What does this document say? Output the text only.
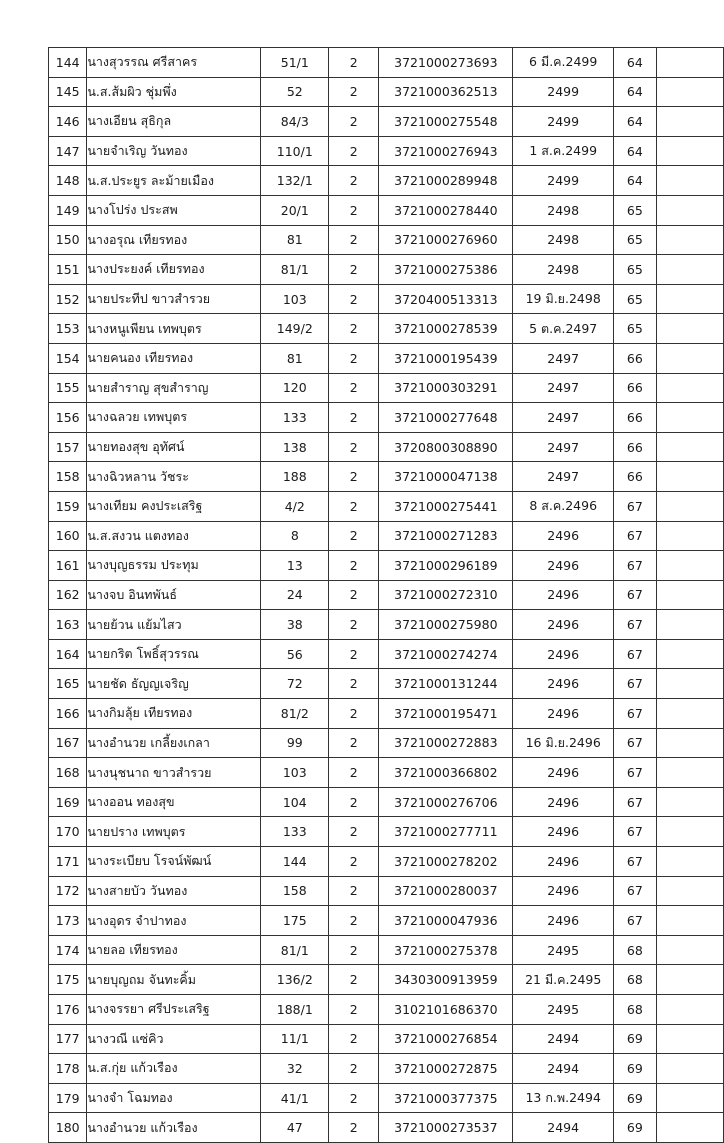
144	นางสุวรรณ ศรีสาคร	51/1	2	3721000273693	6 มี.ค.2499	64	
145	น.ส.ส้มผิว ชุ่มพึ่ง	52	2	3721000362513	2499	64	
146	นางเอียน สุธิกุล	84/3	2	3721000275548	2499	64	
147	นายจำเริญ วันทอง	110/1	2	3721000276943	1 ส.ค.2499	64	
148	น.ส.ประยูร ละม้ายเมือง	132/1	2	3721000289948	2499	64	
149	นางโปร่ง ประสพ	20/1	2	3721000278440	2498	65	
150	นางอรุณ เทียรทอง	81	2	3721000276960	2498	65	
151	นางประยงค์ เทียรทอง	81/1	2	3721000275386	2498	65	
152	นายประทีป ขาวสำรวย	103	2	3720400513313	19 มิ.ย.2498	65	
153	นางหนูเพียน เทพบุตร	149/2	2	3721000278539	5 ต.ค.2497	65	
154	นายคนอง เทียรทอง	81	2	3721000195439	2497	66	
155	นายสำราญ สุขสำราญ	120	2	3721000303291	2497	66	
156	นางฉลวย เทพบุตร	133	2	3721000277648	2497	66	
157	นายทองสุข อุทัศน์	138	2	3720800308890	2497	66	
158	นางฉิวหลาน วัชระ	188	2	3721000047138	2497	66	
159	นางเทียม คงประเสริฐ	4/2	2	3721000275441	8 ส.ค.2496	67	
160	น.ส.สงวน แตงทอง	8	2	3721000271283	2496	67	
161	นางบุญธรรม ประทุม	13	2	3721000296189	2496	67	
162	นางจบ อินทพันธ์	24	2	3721000272310	2496	67	
163	นายย้วน แย้มไสว	38	2	3721000275980	2496	67	
164	นายกริต โพธิ์สุวรรณ	56	2	3721000274274	2496	67	
165	นายชัด ธัญญเจริญ	72	2	3721000131244	2496	67	
166	นางกิมลุ้ย เทียรทอง	81/2	2	3721000195471	2496	67	
167	นางอำนวย เกลี้ยงเกลา	99	2	3721000272883	16 มิ.ย.2496	67	
168	นางนุชนาถ ขาวสำรวย	103	2	3721000366802	2496	67	
169	นางออน ทองสุข	104	2	3721000276706	2496	67	
170	นายปราง เทพบุตร	133	2	3721000277711	2496	67	
171	นางระเบียบ โรจน์พัฒน์	144	2	3721000278202	2496	67	
172	นางสายบัว วันทอง	158	2	3721000280037	2496	67	
173	นางอุดร จำปาทอง	175	2	3721000047936	2496	67	
174	นายลอ เทียรทอง	81/1	2	3721000275378	2495	68	
175	นายบุญถม จันทะคิ้ม	136/2	2	3430300913959	21 มี.ค.2495	68	
176	นางจรรยา ศรีประเสริฐ	188/1	2	3102101686370	2495	68	
177	นางวณี แซ่คิว	11/1	2	3721000276854	2494	69	
178	น.ส.กุ่ย แก้วเรือง	32	2	3721000272875	2494	69	
179	นางจำ โฉมทอง	41/1	2	3721000377375	13 ก.พ.2494	69	
180	นางอำนวย แก้วเรือง	47	2	3721000273537	2494	69	
